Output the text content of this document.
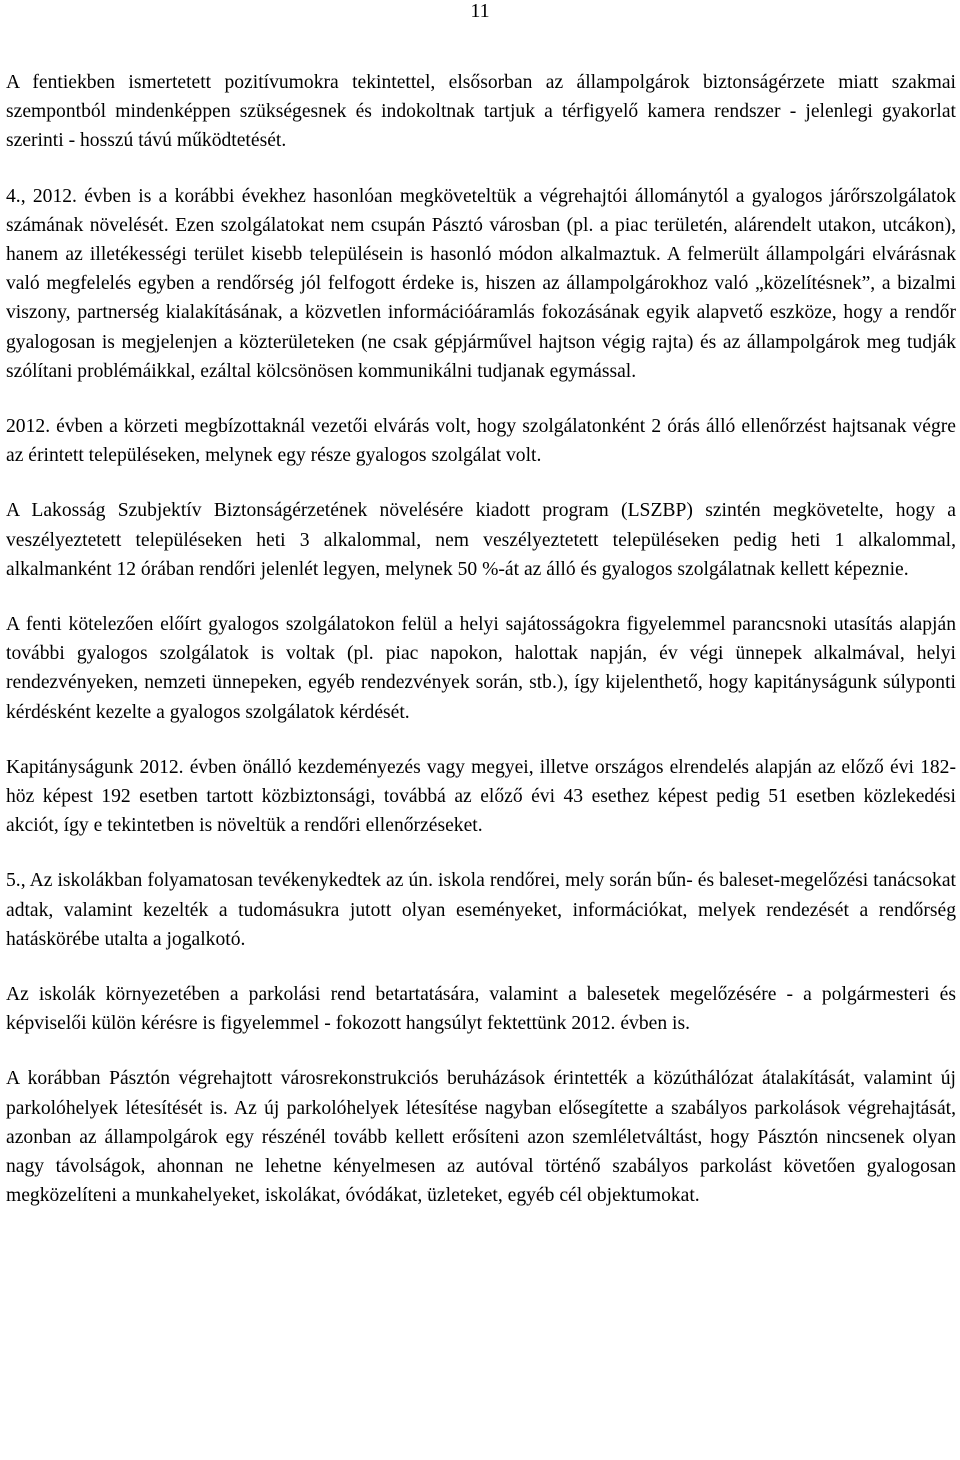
11

A fentiekben ismertetett pozitívumokra tekintettel, elsősorban az állampolgárok biztonságérzete miatt szakmai szempontból mindenképpen szükségesnek és indokoltnak tartjuk a térfigyelő kamera rendszer - jelenlegi gyakorlat szerinti - hosszú távú működtetését.

4., 2012. évben is a korábbi évekhez hasonlóan megköveteltük a végrehajtói állománytól a gyalogos járőrszolgálatok számának növelését. Ezen szolgálatokat nem csupán Pásztó városban (pl. a piac területén, alárendelt utakon, utcákon), hanem az illetékességi terület kisebb településein is hasonló módon alkalmaztuk. A felmerült állampolgári elvárásnak való megfelelés egyben a rendőrség jól felfogott érdeke is, hiszen az állampolgárokhoz való „közelítésnek”, a bizalmi viszony, partnerség kialakításának, a közvetlen információáramlás fokozásának egyik alapvető eszköze, hogy a rendőr gyalogosan is megjelenjen a közterületeken (ne csak gépjárművel hajtson végig rajta) és az állampolgárok meg tudják szólítani problémáikkal, ezáltal kölcsönösen kommunikálni tudjanak egymással.

2012. évben a körzeti megbízottaknál vezetői elvárás volt, hogy szolgálatonként 2 órás álló ellenőrzést hajtsanak végre az érintett településeken, melynek egy része gyalogos szolgálat volt.

A Lakosság Szubjektív Biztonságérzetének növelésére kiadott program (LSZBP) szintén megkövetelte, hogy a veszélyeztetett településeken heti 3 alkalommal, nem veszélyeztetett településeken pedig heti 1 alkalommal, alkalmanként 12 órában rendőri jelenlét legyen, melynek 50 %-át az álló és gyalogos szolgálatnak kellett képeznie.

A fenti kötelezően előírt gyalogos szolgálatokon felül a helyi sajátosságokra figyelemmel parancsnoki utasítás alapján további gyalogos szolgálatok is voltak (pl. piac napokon, halottak napján, év végi ünnepek alkalmával, helyi rendezvényeken, nemzeti ünnepeken, egyéb rendezvények során, stb.), így kijelenthető, hogy kapitányságunk súlyponti kérdésként kezelte a gyalogos szolgálatok kérdését.

Kapitányságunk 2012. évben önálló kezdeményezés vagy megyei, illetve országos elrendelés alapján az előző évi 182-höz képest 192 esetben tartott közbiztonsági, továbbá az előző évi 43 esethez képest pedig 51 esetben közlekedési akciót, így e tekintetben is növeltük a rendőri ellenőrzéseket.

5., Az iskolákban folyamatosan tevékenykedtek az ún. iskola rendőrei, mely során bűn- és baleset-megelőzési tanácsokat adtak, valamint kezelték a tudomásukra jutott olyan eseményeket, információkat, melyek rendezését a rendőrség hatáskörébe utalta a jogalkotó.

Az iskolák környezetében a parkolási rend betartatására, valamint a balesetek megelőzésére - a polgármesteri és képviselői külön kérésre is figyelemmel - fokozott hangsúlyt fektettünk 2012. évben is.

A korábban Pásztón végrehajtott városrekonstrukciós beruházások érintették a közúthálózat átalakítását, valamint új parkolóhelyek létesítését is. Az új parkolóhelyek létesítése nagyban elősegítette a szabályos parkolások végrehajtását, azonban az állampolgárok egy részénél tovább kellett erősíteni azon szemléletváltást, hogy Pásztón nincsenek olyan nagy távolságok, ahonnan ne lehetne kényelmesen az autóval történő szabályos parkolást követően gyalogosan megközelíteni a munkahelyeket, iskolákat, óvódákat, üzleteket, egyéb cél objektumokat.
